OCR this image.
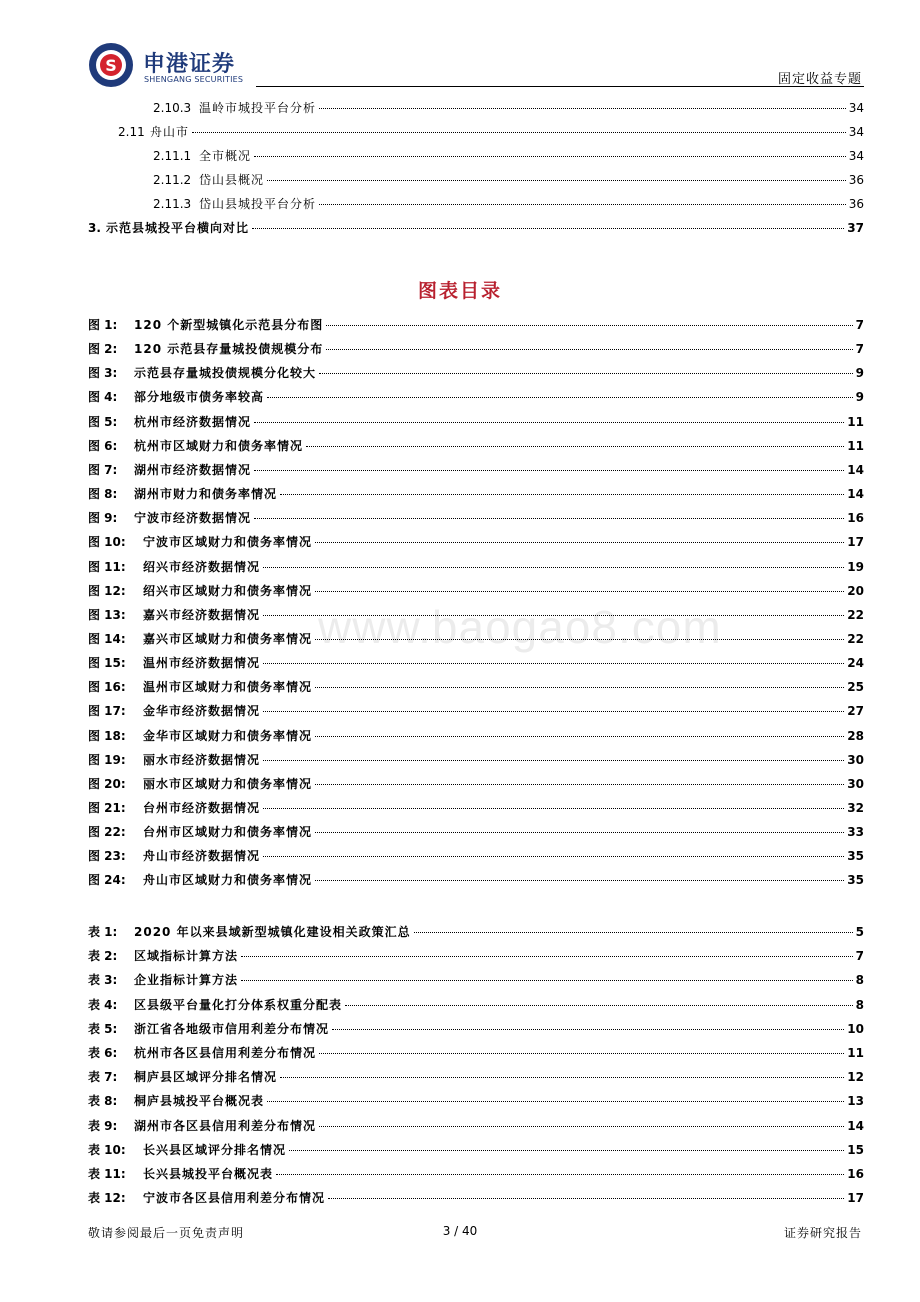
S 申港证券
SHENGANG SECURITIES	固定收益专题
2.10.3 温岭市城投平台分析	34
2.11 舟山市	34
2.11.1 全市概况	34
2.11.2 岱山县概况	36
2.11.3 岱山县城投平台分析	36
3. 示范县城投平台横向对比	37
图表目录
图 1:	120 个新型城镇化示范县分布图	7
图 2:	120 示范县存量城投债规模分布	7
图 3:	示范县存量城投债规模分化较大	9
图 4:	部分地级市债务率较高	9
图 5:	杭州市经济数据情况	11
图 6:	杭州市区域财力和债务率情况	11
图 7:	湖州市经济数据情况	14
图 8:	湖州市财力和债务率情况	14
图 9:	宁波市经济数据情况	16
图 10:	宁波市区域财力和债务率情况	17
图 11:	绍兴市经济数据情况	19
图 12:	绍兴市区域财力和债务率情况	20
图 13:	嘉兴市经济数据情况	22
图 14:	嘉兴市区域财力和债务率情况	22
图 15:	温州市经济数据情况	24
图 16:	温州市区域财力和债务率情况	25
图 17:	金华市经济数据情况	27
图 18:	金华市区域财力和债务率情况	28
图 19:	丽水市经济数据情况	30
图 20:	丽水市区域财力和债务率情况	30
图 21:	台州市经济数据情况	32
图 22:	台州市区域财力和债务率情况	33
图 23:	舟山市经济数据情况	35
图 24:	舟山市区域财力和债务率情况	35
表 1:	2020 年以来县域新型城镇化建设相关政策汇总	5
表 2:	区域指标计算方法	7
表 3:	企业指标计算方法	8
表 4:	区县级平台量化打分体系权重分配表	8
表 5:	浙江省各地级市信用利差分布情况	10
表 6:	杭州市各区县信用利差分布情况	11
表 7:	桐庐县区域评分排名情况	12
表 8:	桐庐县城投平台概况表	13
表 9:	湖州市各区县信用利差分布情况	14
表 10:	长兴县区域评分排名情况	15
表 11:	长兴县城投平台概况表	16
表 12:	宁波市各区县信用利差分布情况	17
www.baogao8.com
敬请参阅最后一页免责声明	3 / 40	证券研究报告
